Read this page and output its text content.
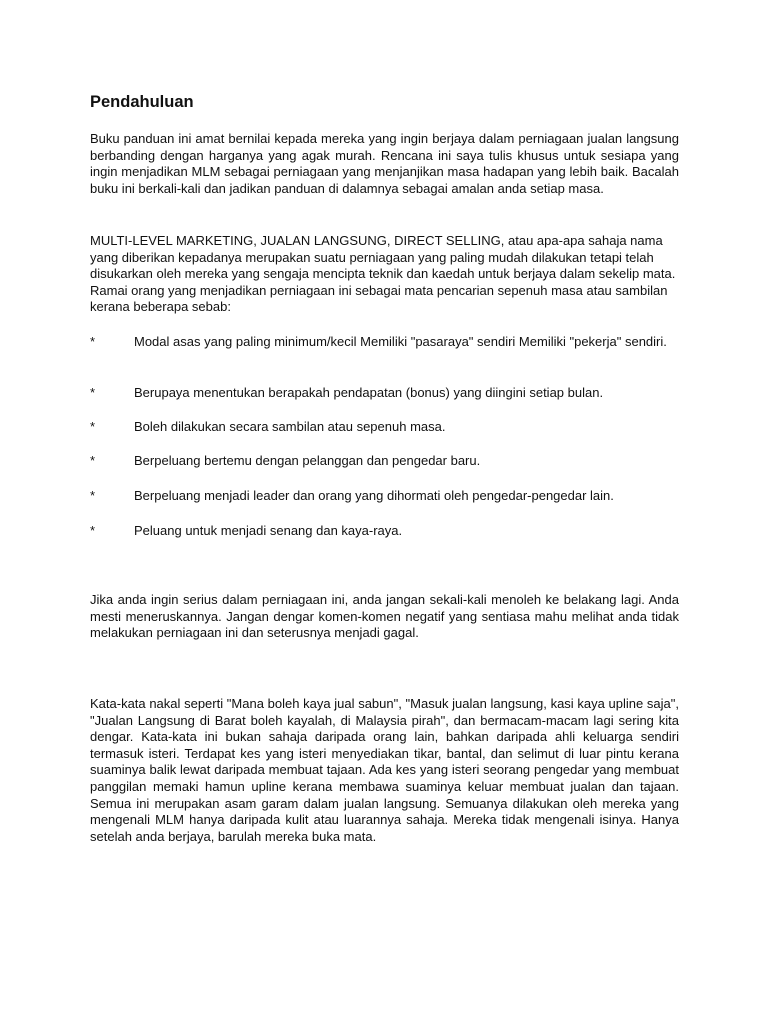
Pendahuluan
Buku panduan ini amat bernilai kepada mereka yang ingin berjaya dalam perniagaan jualan langsung berbanding dengan harganya yang agak murah. Rencana ini saya tulis khusus untuk sesiapa yang ingin menjadikan MLM sebagai perniagaan yang menjanjikan masa hadapan yang lebih baik. Bacalah buku ini berkali-kali dan jadikan panduan di dalamnya sebagai amalan anda setiap masa.
MULTI-LEVEL MARKETING, JUALAN LANGSUNG, DIRECT SELLING, atau apa-apa sahaja nama yang diberikan kepadanya merupakan suatu perniagaan yang paling mudah dilakukan tetapi telah disukarkan oleh mereka yang sengaja mencipta teknik dan kaedah untuk berjaya dalam sekelip mata. Ramai orang yang menjadikan perniagaan ini sebagai mata pencarian sepenuh masa atau sambilan kerana beberapa sebab:
*	Modal asas yang paling minimum/kecil Memiliki "pasaraya" sendiri Memiliki "pekerja" sendiri.
*	Berupaya menentukan berapakah pendapatan (bonus) yang diingini setiap bulan.
*	Boleh dilakukan secara sambilan atau sepenuh masa.
*	Berpeluang bertemu dengan pelanggan dan pengedar baru.
*	Berpeluang menjadi leader dan orang yang dihormati oleh pengedar-pengedar lain.
*	Peluang untuk menjadi senang dan kaya-raya.
Jika anda ingin serius dalam perniagaan ini, anda jangan sekali-kali menoleh ke belakang lagi. Anda mesti meneruskannya. Jangan dengar komen-komen negatif yang sentiasa mahu melihat anda tidak melakukan perniagaan ini dan seterusnya menjadi gagal.
Kata-kata nakal seperti "Mana boleh kaya jual sabun", "Masuk jualan langsung, kasi kaya upline saja", "Jualan Langsung di Barat boleh kayalah, di Malaysia pirah", dan bermacam-macam lagi sering kita dengar. Kata-kata ini bukan sahaja daripada orang lain, bahkan daripada ahli keluarga sendiri termasuk isteri. Terdapat kes yang isteri menyediakan tikar, bantal, dan selimut di luar pintu kerana suaminya balik lewat daripada membuat tajaan. Ada kes yang isteri seorang pengedar yang membuat panggilan memaki hamun upline kerana membawa suaminya keluar membuat jualan dan tajaan. Semua ini merupakan asam garam dalam jualan langsung. Semuanya dilakukan oleh mereka yang mengenali MLM hanya daripada kulit atau luarannya sahaja. Mereka tidak mengenali isinya. Hanya setelah anda berjaya, barulah mereka buka mata.
